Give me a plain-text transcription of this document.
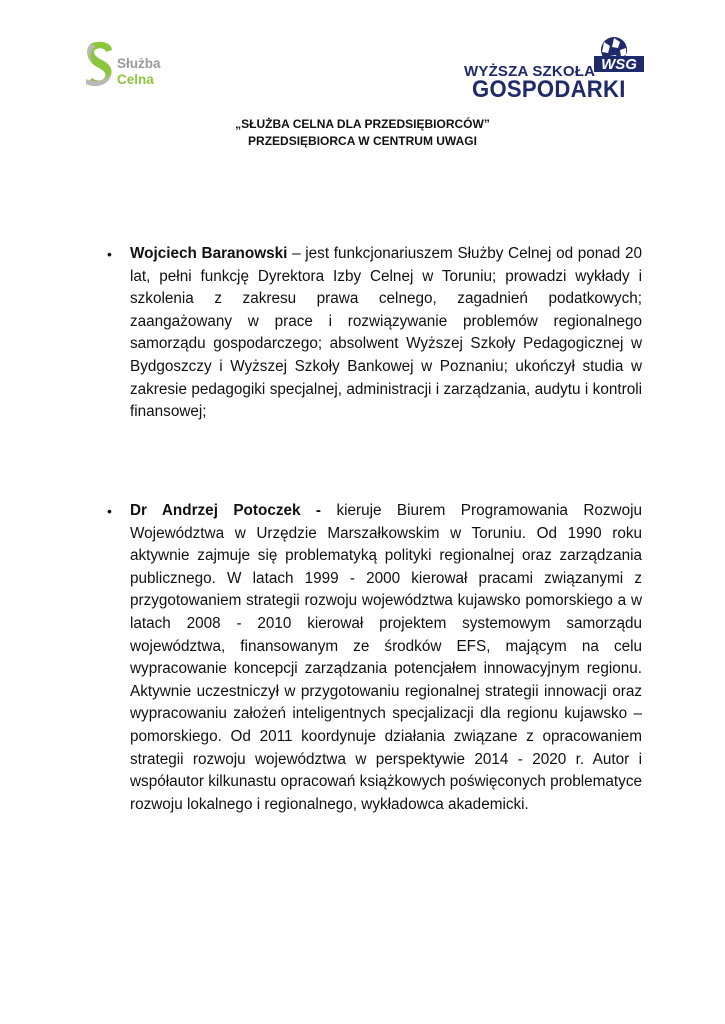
Służba
Celna
WSG
WYŻSZA SZKOŁA
GOSPODARKI
„SŁUŻBA CELNA DLA PRZEDSIĘBIORCÓW”
PRZEDSIĘBIORCA W CENTRUM UWAGI
• Wojciech Baranowski – jest funkcjonariuszem Służby Celnej od ponad 20 lat, pełni funkcję Dyrektora Izby Celnej w Toruniu; prowadzi wykłady i szkolenia z zakresu prawa celnego, zagadnień podatkowych; zaangażowany w prace i rozwiązywanie problemów regionalnego samorządu gospodarczego; absolwent Wyższej Szkoły Pedagogicznej w Bydgoszczy i Wyższej Szkoły Bankowej w Poznaniu; ukończył studia w zakresie pedagogiki specjalnej, administracji i zarządzania, audytu i kontroli finansowej;
• Dr Andrzej Potoczek - kieruje Biurem Programowania Rozwoju Województwa w Urzędzie Marszałkowskim w Toruniu. Od 1990 roku aktywnie zajmuje się problematyką polityki regionalnej oraz zarządzania publicznego. W latach 1999 - 2000 kierował pracami związanymi z przygotowaniem strategii rozwoju województwa kujawsko pomorskiego a w latach 2008 - 2010 kierował projektem systemowym samorządu województwa, finansowanym ze środków EFS, mającym na celu wypracowanie koncepcji zarządzania potencjałem innowacyjnym regionu. Aktywnie uczestniczył w przygotowaniu regionalnej strategii innowacji oraz wypracowaniu założeń inteligentnych specjalizacji dla regionu kujawsko – pomorskiego. Od 2011 koordynuje działania związane z opracowaniem strategii rozwoju województwa w perspektywie 2014 - 2020 r. Autor i współautor kilkunastu opracowań książkowych poświęconych problematyce rozwoju lokalnego i regionalnego, wykładowca akademicki.
